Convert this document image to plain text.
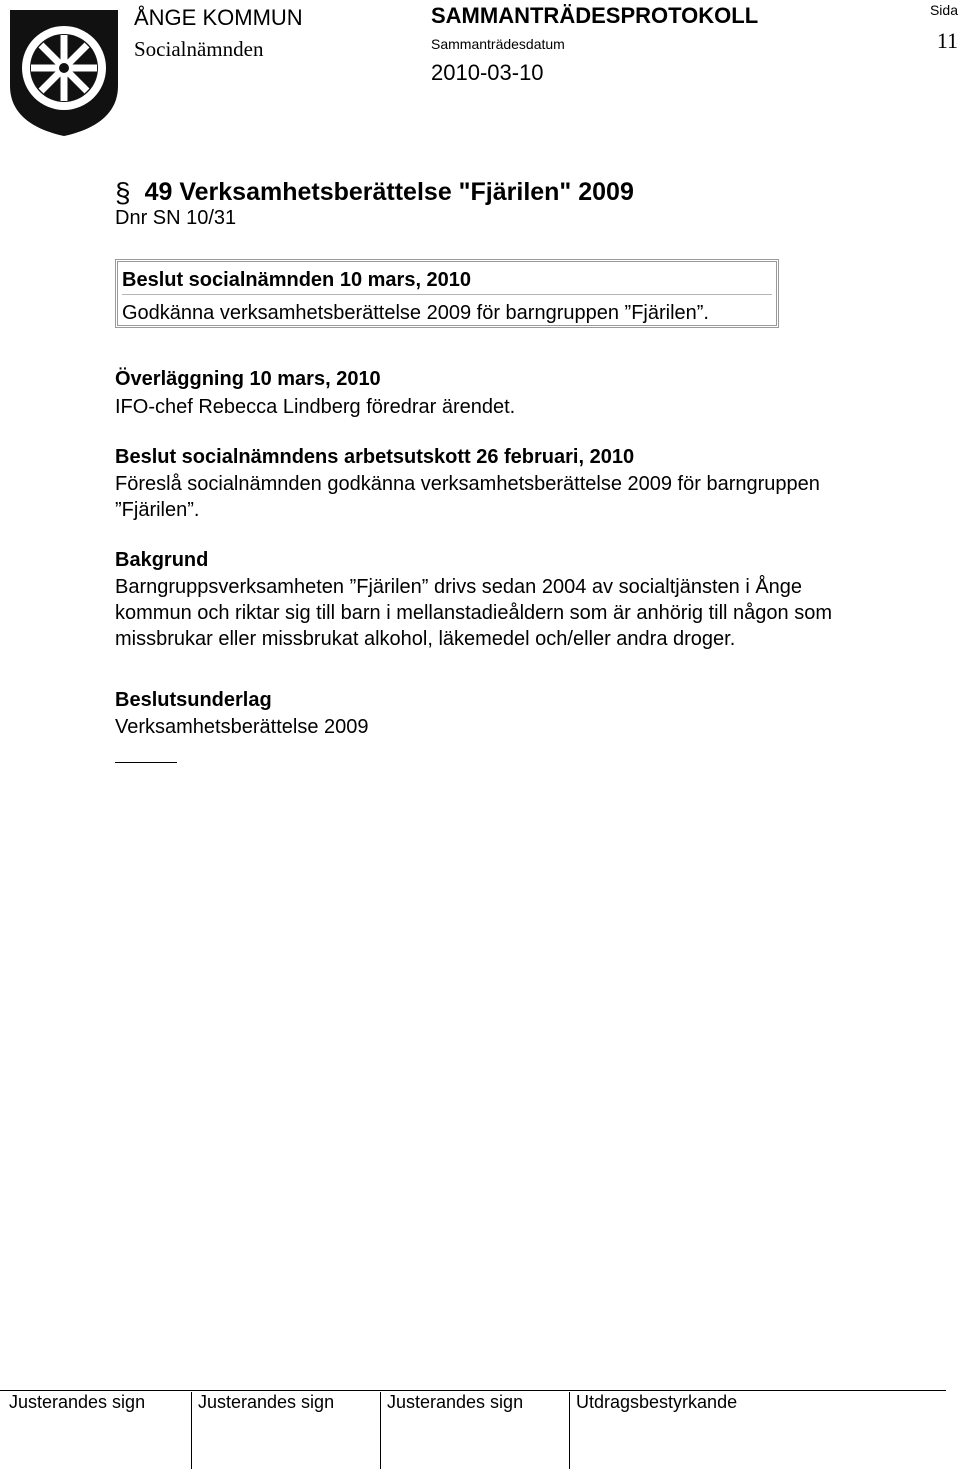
ÅNGE KOMMUN
Socialnämnden
SAMMANTRÄDESPROTOKOLL
Sammanträdesdatum
2010-03-10
Sida
11
§ 49 Verksamhetsberättelse "Fjärilen" 2009
Dnr SN 10/31
Beslut socialnämnden 10 mars, 2010
Godkänna verksamhetsberättelse 2009 för barngruppen ”Fjärilen”.
Överläggning 10 mars, 2010
IFO-chef Rebecca Lindberg föredrar ärendet.
Beslut socialnämndens arbetsutskott 26 februari, 2010
Föreslå socialnämnden godkänna verksamhetsberättelse 2009 för barngruppen
”Fjärilen”.
Bakgrund
Barngruppsverksamheten ”Fjärilen” drivs sedan 2004 av socialtjänsten i Ånge
kommun och riktar sig till barn i mellanstadieåldern som är anhörig till någon som
missbrukar eller missbrukat alkohol, läkemedel och/eller andra droger.
Beslutsunderlag
Verksamhetsberättelse 2009
Justerandes sign	Justerandes sign	Justerandes sign	Utdragsbestyrkande
